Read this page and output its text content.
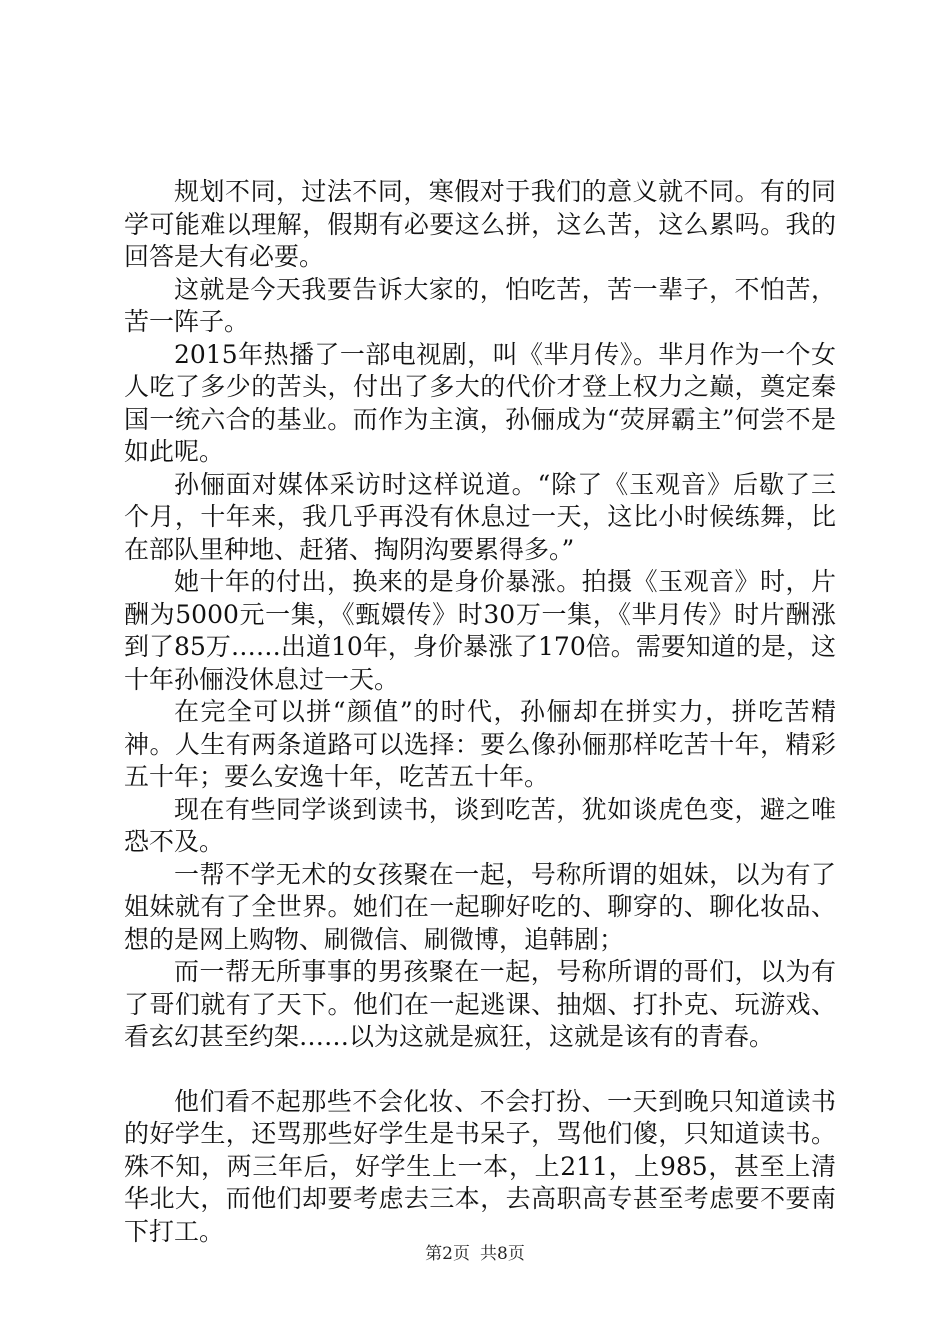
规划不同，过法不同，寒假对于我们的意义就不同。有的同学可能难以理解，假期有必要这么拼，这么苦，这么累吗。我的回答是大有必要。

这就是今天我要告诉大家的，怕吃苦，苦一辈子，不怕苦，苦一阵子。

2015年热播了一部电视剧，叫《芈月传》。芈月作为一个女人吃了多少的苦头，付出了多大的代价才登上权力之巅，奠定秦国一统六合的基业。而作为主演，孙俪成为“荧屏霸主”何尝不是如此呢。

孙俪面对媒体采访时这样说道。“除了《玉观音》后歇了三个月，十年来，我几乎再没有休息过一天，这比小时候练舞，比在部队里种地、赶猪、掏阴沟要累得多。”

她十年的付出，换来的是身价暴涨。拍摄《玉观音》时，片酬为5000元一集，《甄嬛传》时30万一集，《芈月传》时片酬涨到了85万……出道10年，身价暴涨了170倍。需要知道的是，这十年孙俪没休息过一天。

在完全可以拼“颜值”的时代，孙俪却在拼实力，拼吃苦精神。人生有两条道路可以选择：要么像孙俪那样吃苦十年，精彩五十年；要么安逸十年，吃苦五十年。

现在有些同学谈到读书，谈到吃苦，犹如谈虎色变，避之唯恐不及。

一帮不学无术的女孩聚在一起，号称所谓的姐妹，以为有了姐妹就有了全世界。她们在一起聊好吃的、聊穿的、聊化妆品、想的是网上购物、刷微信、刷微博，追韩剧；

而一帮无所事事的男孩聚在一起，号称所谓的哥们，以为有了哥们就有了天下。他们在一起逃课、抽烟、打扑克、玩游戏、看玄幻甚至约架……以为这就是疯狂，这就是该有的青春。

他们看不起那些不会化妆、不会打扮、一天到晚只知道读书的好学生，还骂那些好学生是书呆子，骂他们傻，只知道读书。殊不知，两三年后，好学生上一本，上211，上985，甚至上清华北大，而他们却要考虑去三本，去高职高专甚至考虑要不要南下打工。

第2页 共8页
